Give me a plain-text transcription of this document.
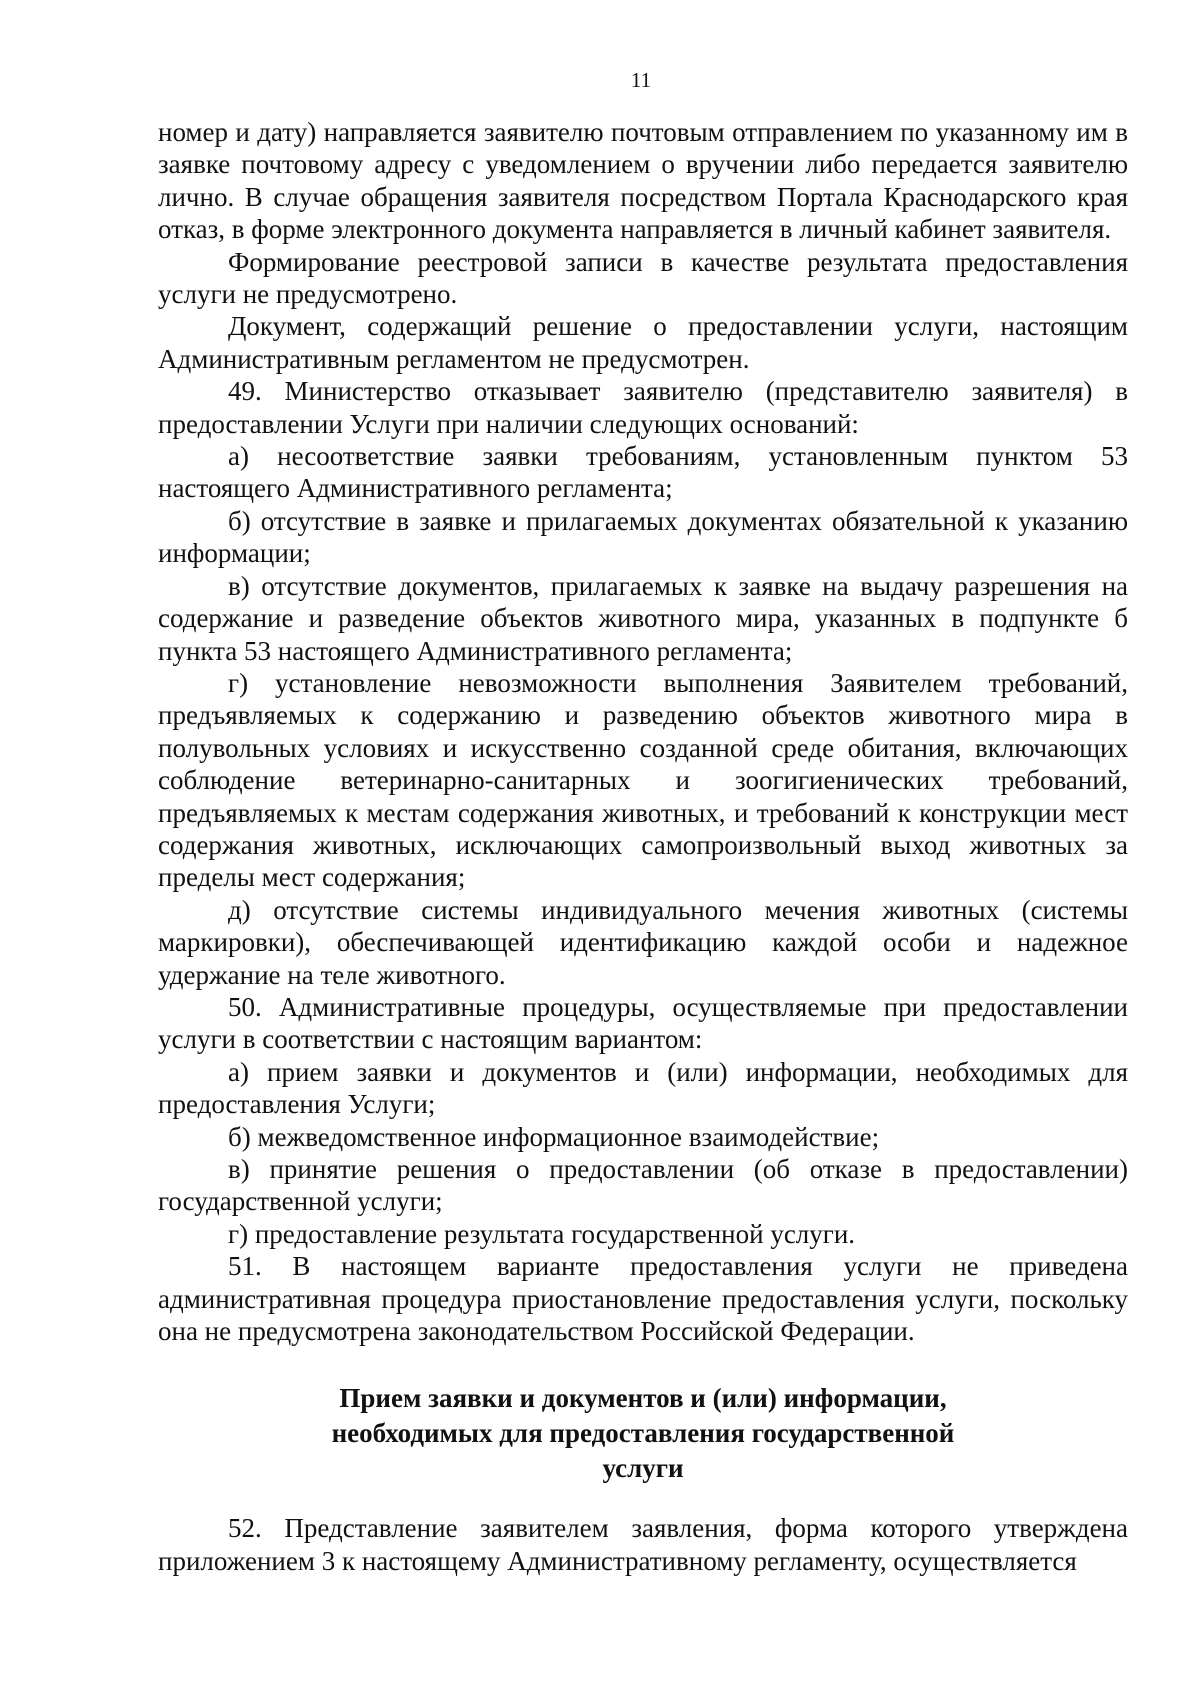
11

номер и дату) направляется заявителю почтовым отправлением по указанному им в заявке почтовому адресу с уведомлением о вручении либо передается заявителю лично. В случае обращения заявителя посредством Портала Краснодарского края отказ, в форме электронного документа направляется в личный кабинет заявителя.

Формирование реестровой записи в качестве результата предоставления услуги не предусмотрено.

Документ, содержащий решение о предоставлении услуги, настоящим Административным регламентом не предусмотрен.

49. Министерство отказывает заявителю (представителю заявителя) в предоставлении Услуги при наличии следующих оснований:

а) несоответствие заявки требованиям, установленным пунктом 53 настоящего Административного регламента;

б) отсутствие в заявке и прилагаемых документах обязательной к указанию информации;

в) отсутствие документов, прилагаемых к заявке на выдачу разрешения на содержание и разведение объектов животного мира, указанных в подпункте б пункта 53 настоящего Административного регламента;

г) установление невозможности выполнения Заявителем требований, предъявляемых к содержанию и разведению объектов животного мира в полувольных условиях и искусственно созданной среде обитания, включающих соблюдение ветеринарно-санитарных и зоогигиенических требований, предъявляемых к местам содержания животных, и требований к конструкции мест содержания животных, исключающих самопроизвольный выход животных за пределы мест содержания;

д) отсутствие системы индивидуального мечения животных (системы маркировки), обеспечивающей идентификацию каждой особи и надежное удержание на теле животного.

50. Административные процедуры, осуществляемые при предоставлении услуги в соответствии с настоящим вариантом:

а) прием заявки и документов и (или) информации, необходимых для предоставления Услуги;

б) межведомственное информационное взаимодействие;

в) принятие решения о предоставлении (об отказе в предоставлении) государственной услуги;

г) предоставление результата государственной услуги.

51. В настоящем варианте предоставления услуги не приведена административная процедура приостановление предоставления услуги, поскольку она не предусмотрена законодательством Российской Федерации.

Прием заявки и документов и (или) информации,
необходимых для предоставления государственной
услуги

52. Представление заявителем заявления, форма которого утверждена приложением 3 к настоящему Административному регламенту, осуществляется
